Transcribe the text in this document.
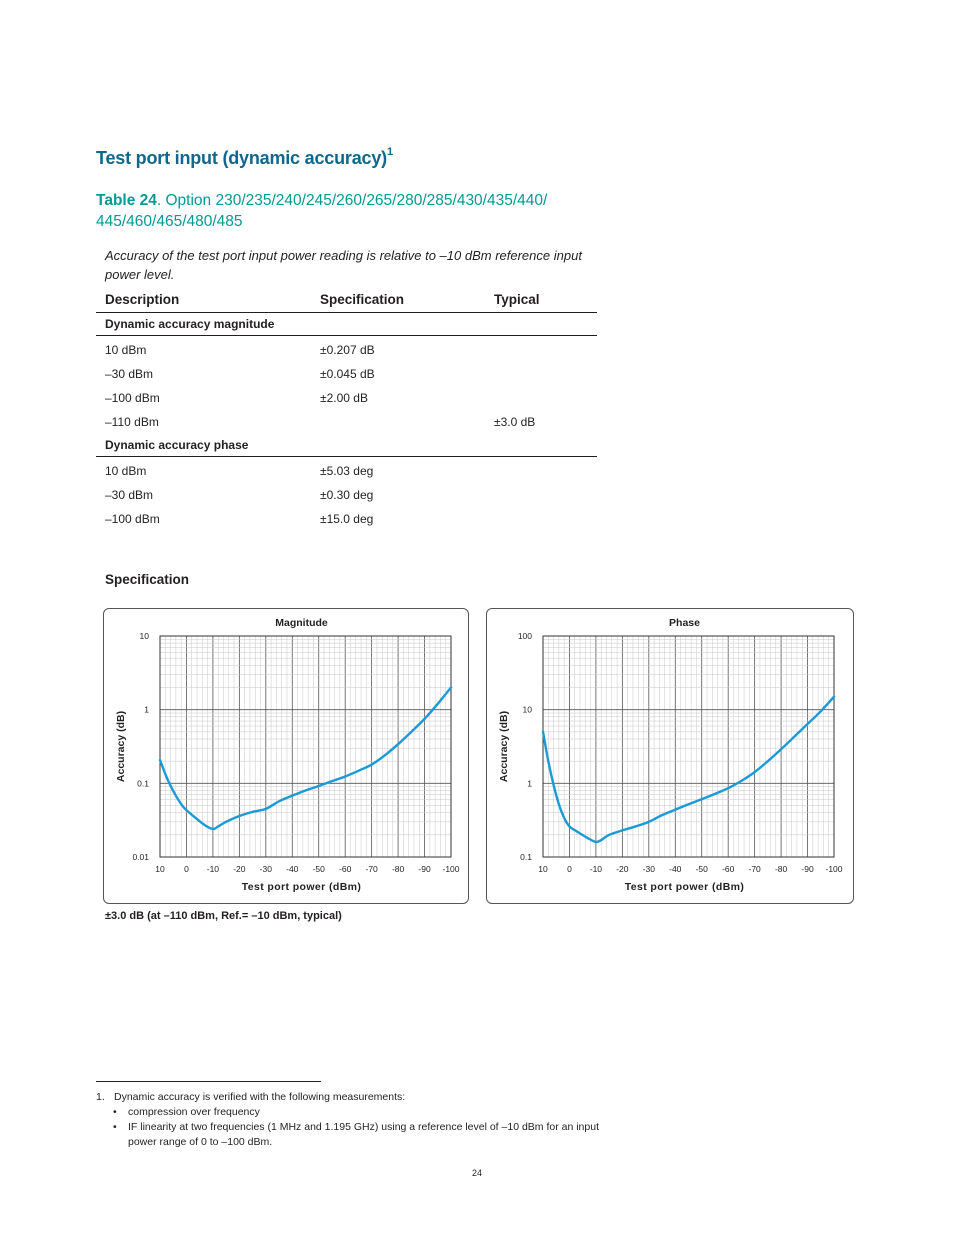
Test port input (dynamic accuracy)$^1$
Table 24. Option 230/235/240/245/260/265/280/285/430/435/440/
445/460/465/480/485
Accuracy of the test port input power reading is relative to –10 dBm reference input power level.
Description	Specification	Typical
Dynamic accuracy magnitude		
10 dBm	±0.207 dB	
–30 dBm	±0.045 dB	
–100 dBm	±2.00 dB	
–110 dBm		±3.0 dB
Dynamic accuracy phase		
10 dBm	±5.03 deg	
–30 dBm	±0.30 deg	
–100 dBm	±15.0 deg	
Specification
Magnitude
10
1
0.1
0.01
10 0 -10 -20 -30 -40 -50 -60 -70 -80 -90 -100
Test port power (dBm)
Accuracy (dB)
Phase
100
10
1
0.1
10 0 -10 -20 -30 -40 -50 -60 -70 -80 -90 -100
Test port power (dBm)
Accuracy (dB)
±3.0 dB (at –110 dBm, Ref.= –10 dBm, typical)
1. Dynamic accuracy is verified with the following measurements:
• compression over frequency
• IF linearity at two frequencies (1 MHz and 1.195 GHz) using a reference level of –10 dBm for an input power range of 0 to –100 dBm.
24
